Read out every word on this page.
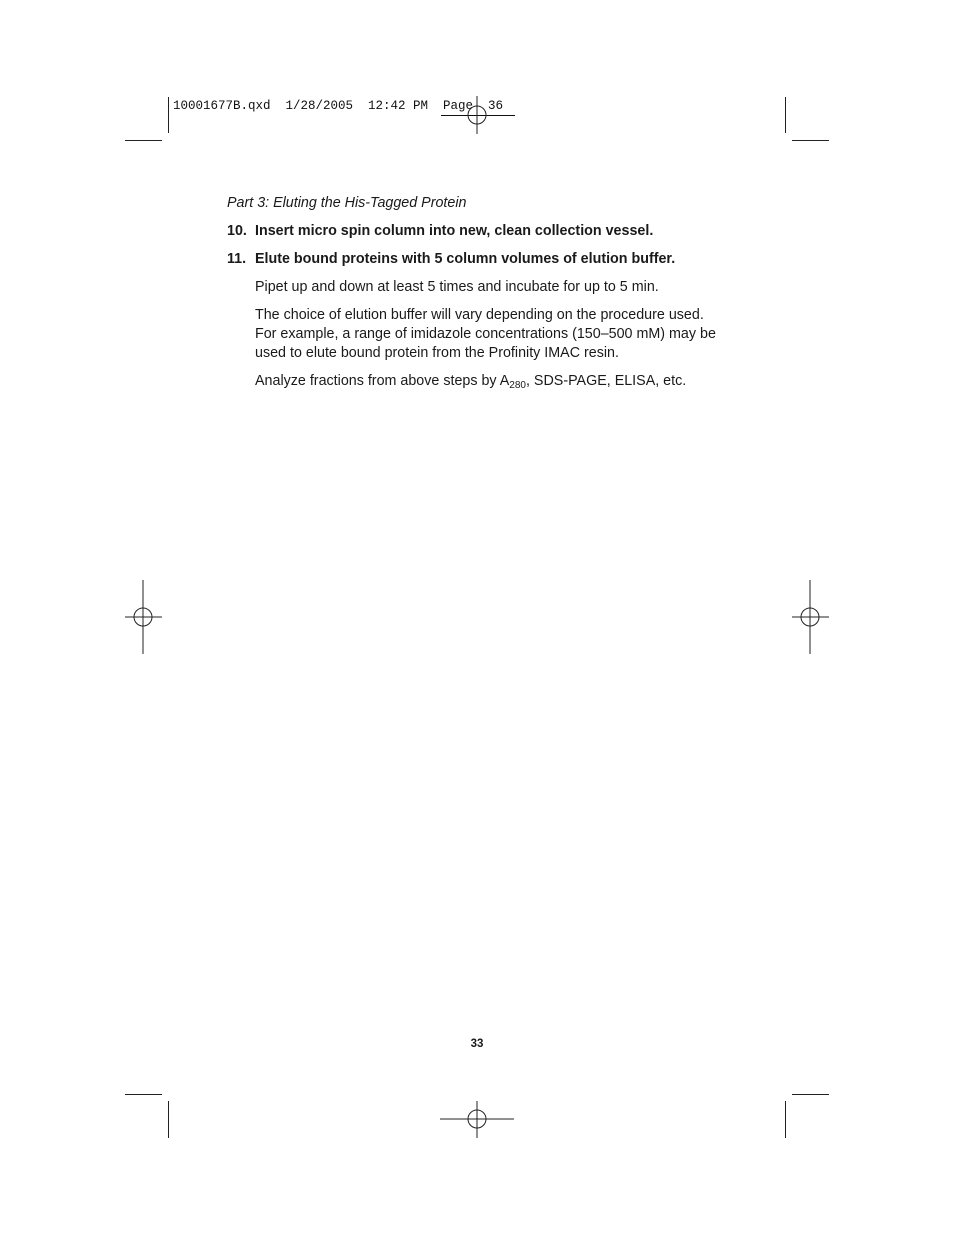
10001677B.qxd  1/28/2005  12:42 PM  Page  36
Part 3: Eluting the His-Tagged Protein
10. Insert micro spin column into new, clean collection vessel.
11. Elute bound proteins with 5 column volumes of elution buffer.

Pipet up and down at least 5 times and incubate for up to 5 min.

The choice of elution buffer will vary depending on the procedure used. For example, a range of imidazole concentrations (150–500 mM) may be used to elute bound protein from the Profinity IMAC resin.

Analyze fractions from above steps by $A_{280}$, SDS-PAGE, ELISA, etc.

33
